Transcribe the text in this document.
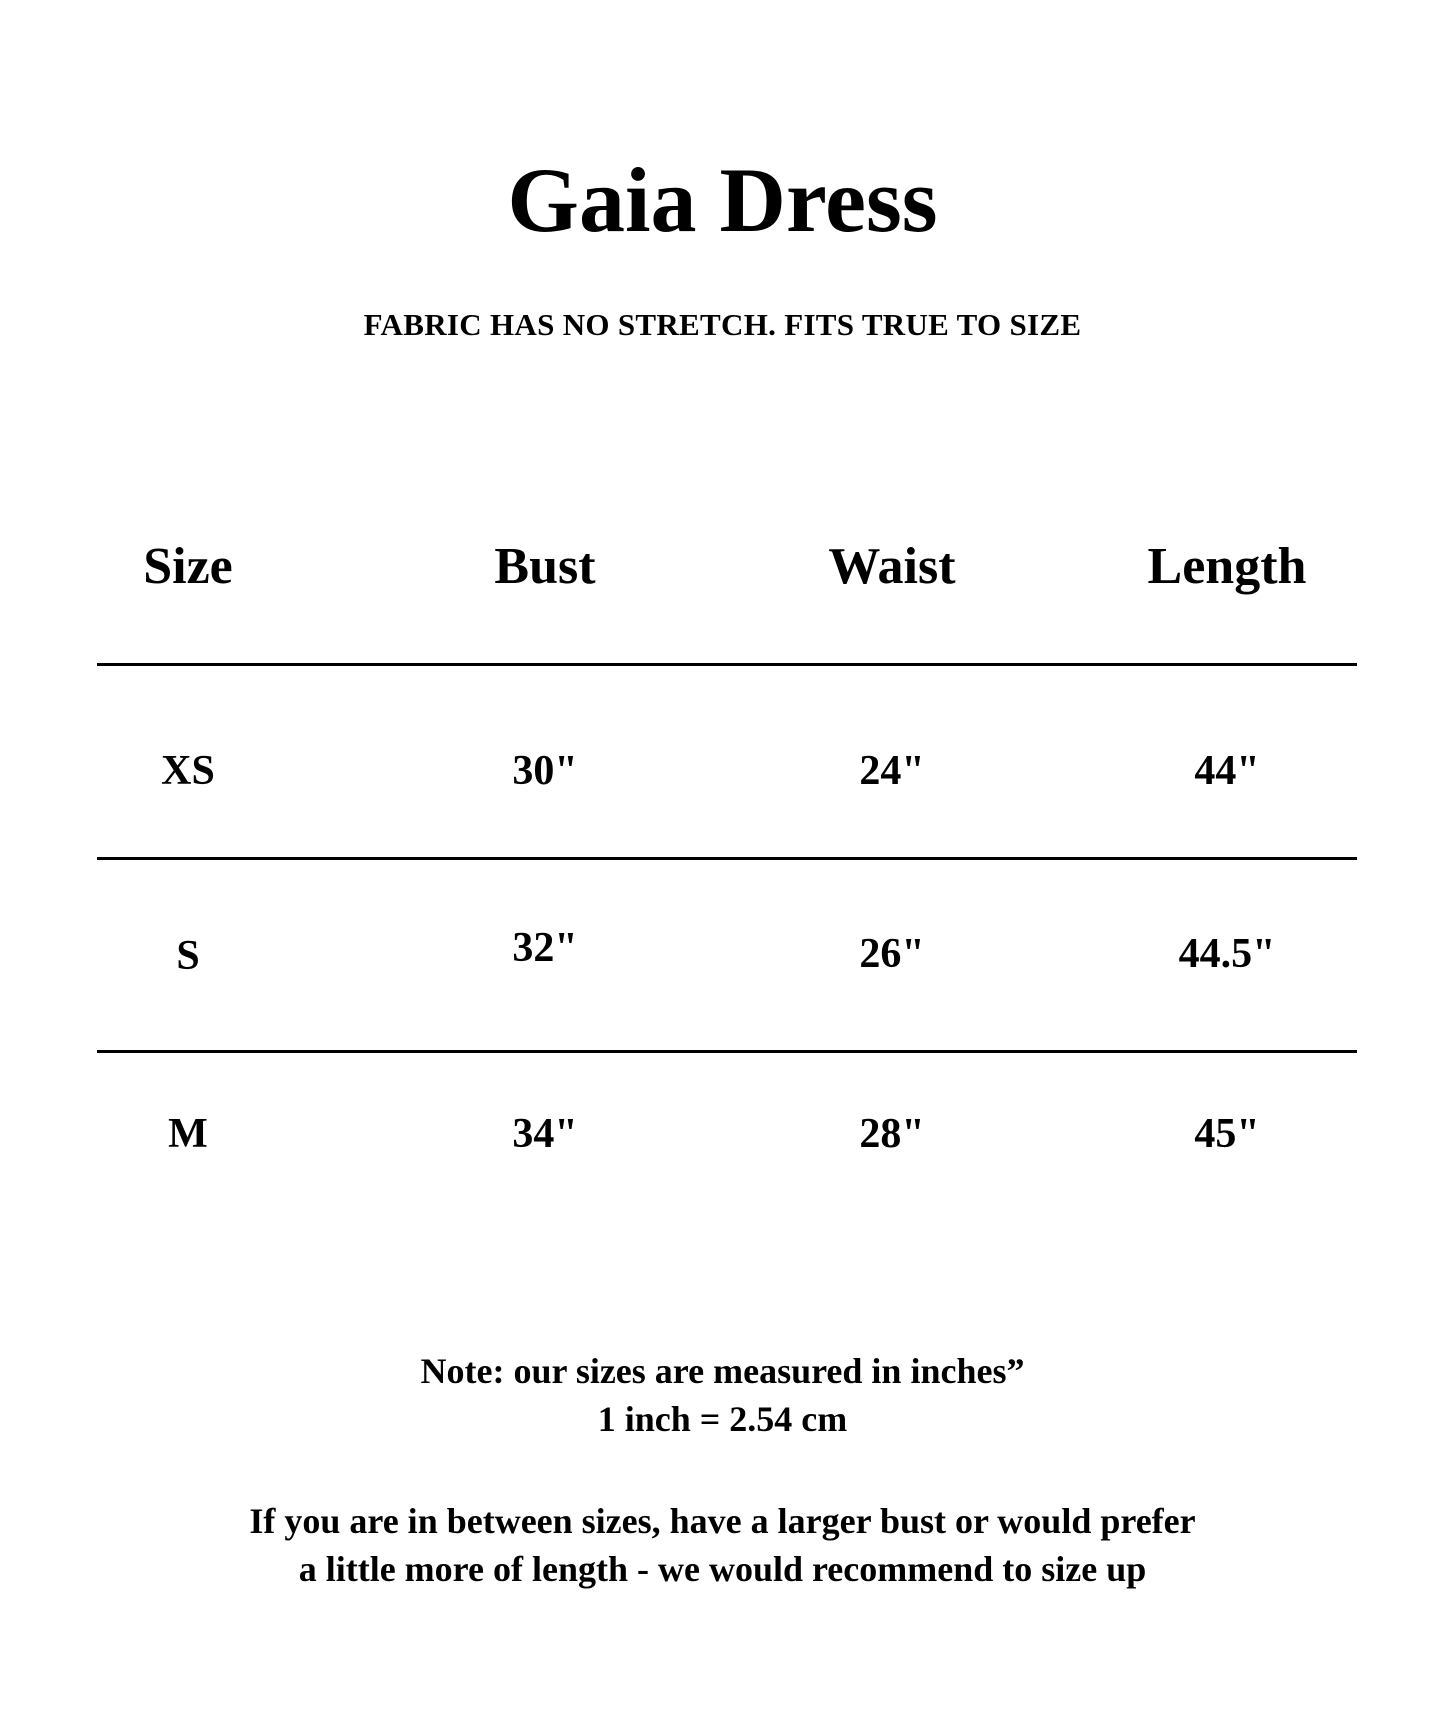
Gaia Dress
FABRIC HAS NO STRETCH. FITS TRUE TO SIZE
Size	Bust	Waist	Length
XS	30"	24"	44"
S	32"	26"	44.5"
M	34"	28"	45"
Note: our sizes are measured in inches”
1 inch = 2.54 cm
If you are in between sizes, have a larger bust or would prefer
a little more of length - we would recommend to size up
